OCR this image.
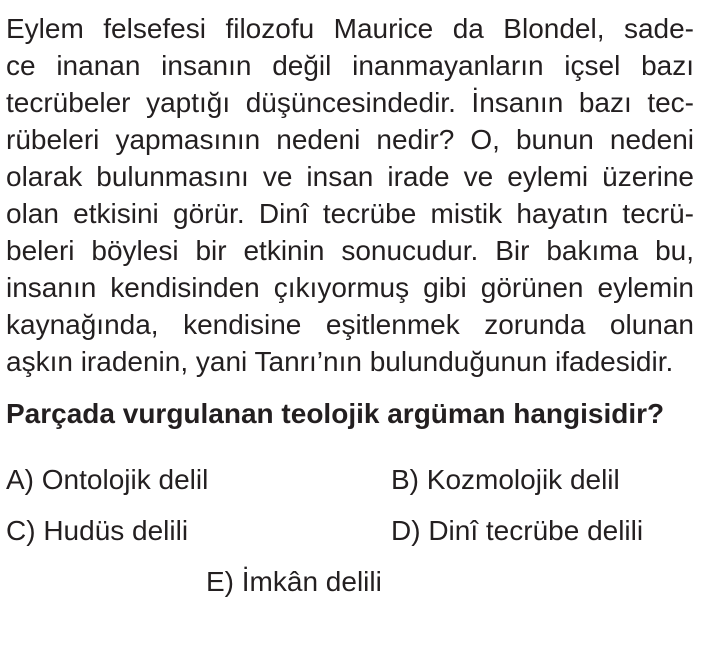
Eylem felsefesi filozofu Maurice da Blondel, sade-
ce inanan insanın değil inanmayanların içsel bazı
tecrübeler yaptığı düşüncesindedir. İnsanın bazı tec-
rübeleri yapmasının nedeni nedir? O, bunun nedeni
olarak bulunmasını ve insan irade ve eylemi üzerine
olan etkisini görür. Dinî tecrübe mistik hayatın tecrü-
beleri böylesi bir etkinin sonucudur. Bir bakıma bu,
insanın kendisinden çıkıyormuş gibi görünen eylemin
kaynağında, kendisine eşitlenmek zorunda olunan
aşkın iradenin, yani Tanrı’nın bulunduğunun ifadesidir.
Parçada vurgulanan teolojik argüman hangisidir?
A) Ontolojik delil	B) Kozmolojik delil
C) Hudüs delili	D) Dinî tecrübe delili
E) İmkân delili
